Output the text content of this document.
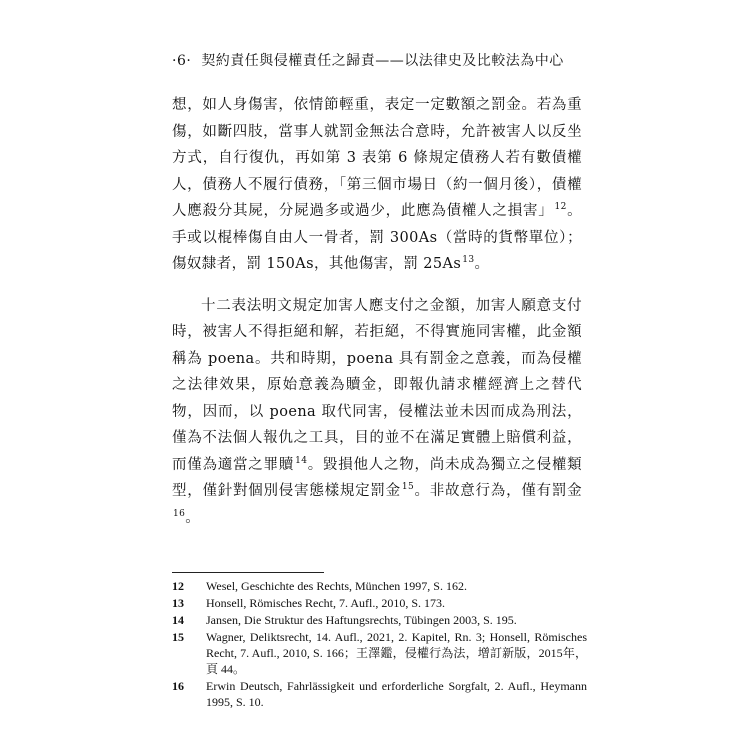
·6· 契約責任與侵權責任之歸責——以法律史及比較法為中心

想，如人身傷害，依情節輕重，表定一定數額之罰金。若為重傷，如斷四肢，當事人就罰金無法合意時，允許被害人以反坐方式，自行復仇，再如第 3 表第 6 條規定債務人若有數債權人，債務人不履行債務，「第三個市場日（約一個月後），債權人應殺分其屍，分屍過多或過少，此應為債權人之損害」$^{12}$。手或以棍棒傷自由人一骨者，罰 300As（當時的貨幣單位）；傷奴隸者，罰 150As，其他傷害，罰 25As$^{13}$。

十二表法明文規定加害人應支付之金額，加害人願意支付時，被害人不得拒絕和解，若拒絕，不得實施同害權，此金額稱為 poena。共和時期，poena 具有罰金之意義，而為侵權之法律效果，原始意義為贖金，即報仇請求權經濟上之替代物，因而，以 poena 取代同害，侵權法並未因而成為刑法，僅為不法個人報仇之工具，目的並不在滿足實體上賠償利益，而僅為適當之罪贖$^{14}$。毀損他人之物，尚未成為獨立之侵權類型，僅針對個別侵害態樣規定罰金$^{15}$。非故意行為，僅有罰金$^{16}$。

12	Wesel, Geschichte des Rechts, München 1997, S. 162.
13	Honsell, Römisches Recht, 7. Aufl., 2010, S. 173.
14	Jansen, Die Struktur des Haftungsrechts, Tübingen 2003, S. 195.
15	Wagner, Deliktsrecht, 14. Aufl., 2021, 2. Kapitel, Rn. 3; Honsell, Römisches Recht, 7. Aufl., 2010, S. 166；王澤鑑，侵權行為法，增訂新版，2015年，頁 44。
16	Erwin Deutsch, Fahrlässigkeit und erforderliche Sorgfalt, 2. Aufl., Heymann 1995, S. 10.
